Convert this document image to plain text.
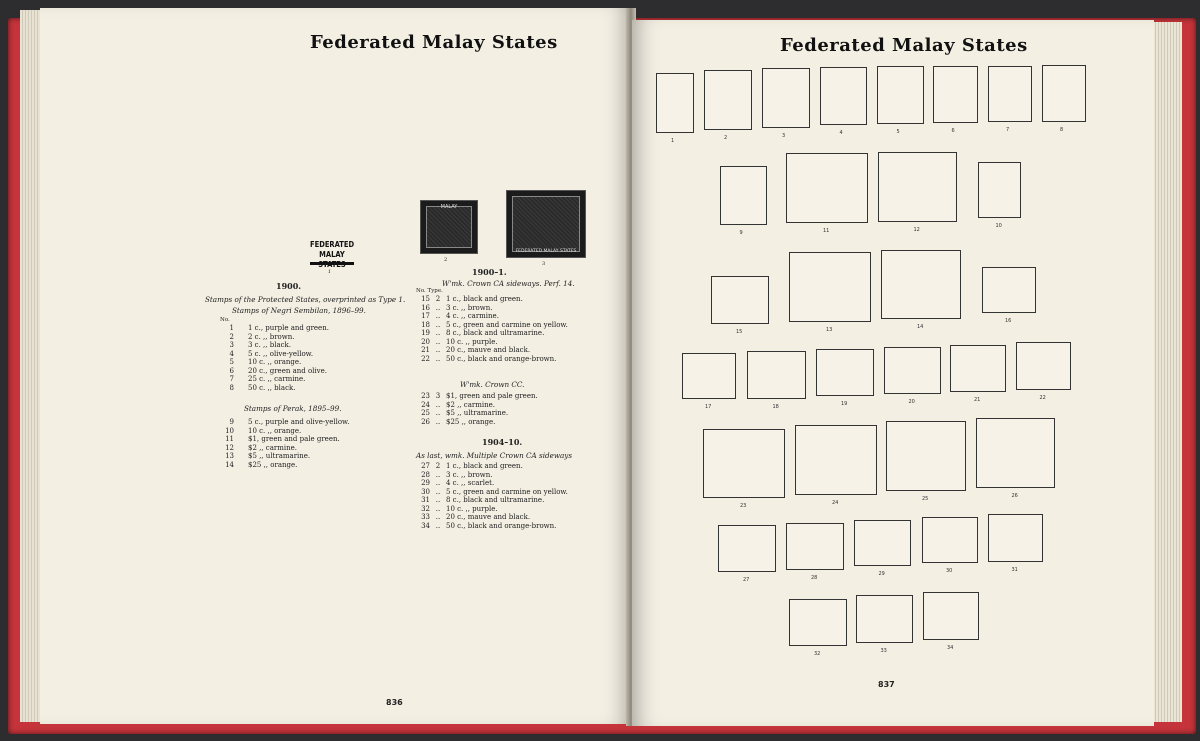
Federated Malay States
MALAY
2
FEDERATED MALAY STATES
3
FEDERATED
MALAY
1
1900.
Stamps of the Protected States, overprinted as Type 1.
Stamps of Negri Sembilan, 1896–99.
No.
1 1 c., purple and green.
2 2 c. ,, brown.
3 3 c. ,, black.
4 5 c. ,, olive-yellow.
5 10 c. ,, orange.
6 20 c., green and olive.
7 25 c. ,, carmine.
8 50 c. ,, black.
Stamps of Perak, 1895–99.
9 5 c., purple and olive-yellow.
10 10 c. ,, orange.
11 $1, green and pale green.
12 $2 ,, carmine.
13 $5 ,, ultramarine.
14 $25 ,, orange.
1900–1.
W'mk. Crown CA sideways. Perf. 14.
No. Type.
15 2 1 c., black and green.
16 .. 3 c. ,, brown.
17 .. 4 c. ,, carmine.
18 .. 5 c., green and carmine on yellow.
19 .. 8 c., black and ultramarine.
20 .. 10 c. ,, purple.
21 .. 20 c., mauve and black.
22 .. 50 c., black and orange-brown.
W'mk. Crown CC.
23 3 $1, green and pale green.
24 .. $2 ,, carmine.
25 .. $5 ,, ultramarine.
26 .. $25 ,, orange.
1904–10.
As last, wmk. Multiple Crown CA sideways
27 2 1 c., black and green.
28 .. 3 c. ,, brown.
29 .. 4 c. ,, scarlet.
30 .. 5 c., green and carmine on yellow.
31 .. 8 c., black and ultramarine.
32 .. 10 c. ,, purple.
33 .. 20 c., mauve and black.
34 .. 50 c., black and orange-brown.
836
Federated Malay States
1	2	3	4	5	6	7	8
9	11	12
10
15	13	14
16
17	18	19	20	21	22
23	24
25	26
27	28
29	30	31
32	33	34
837
